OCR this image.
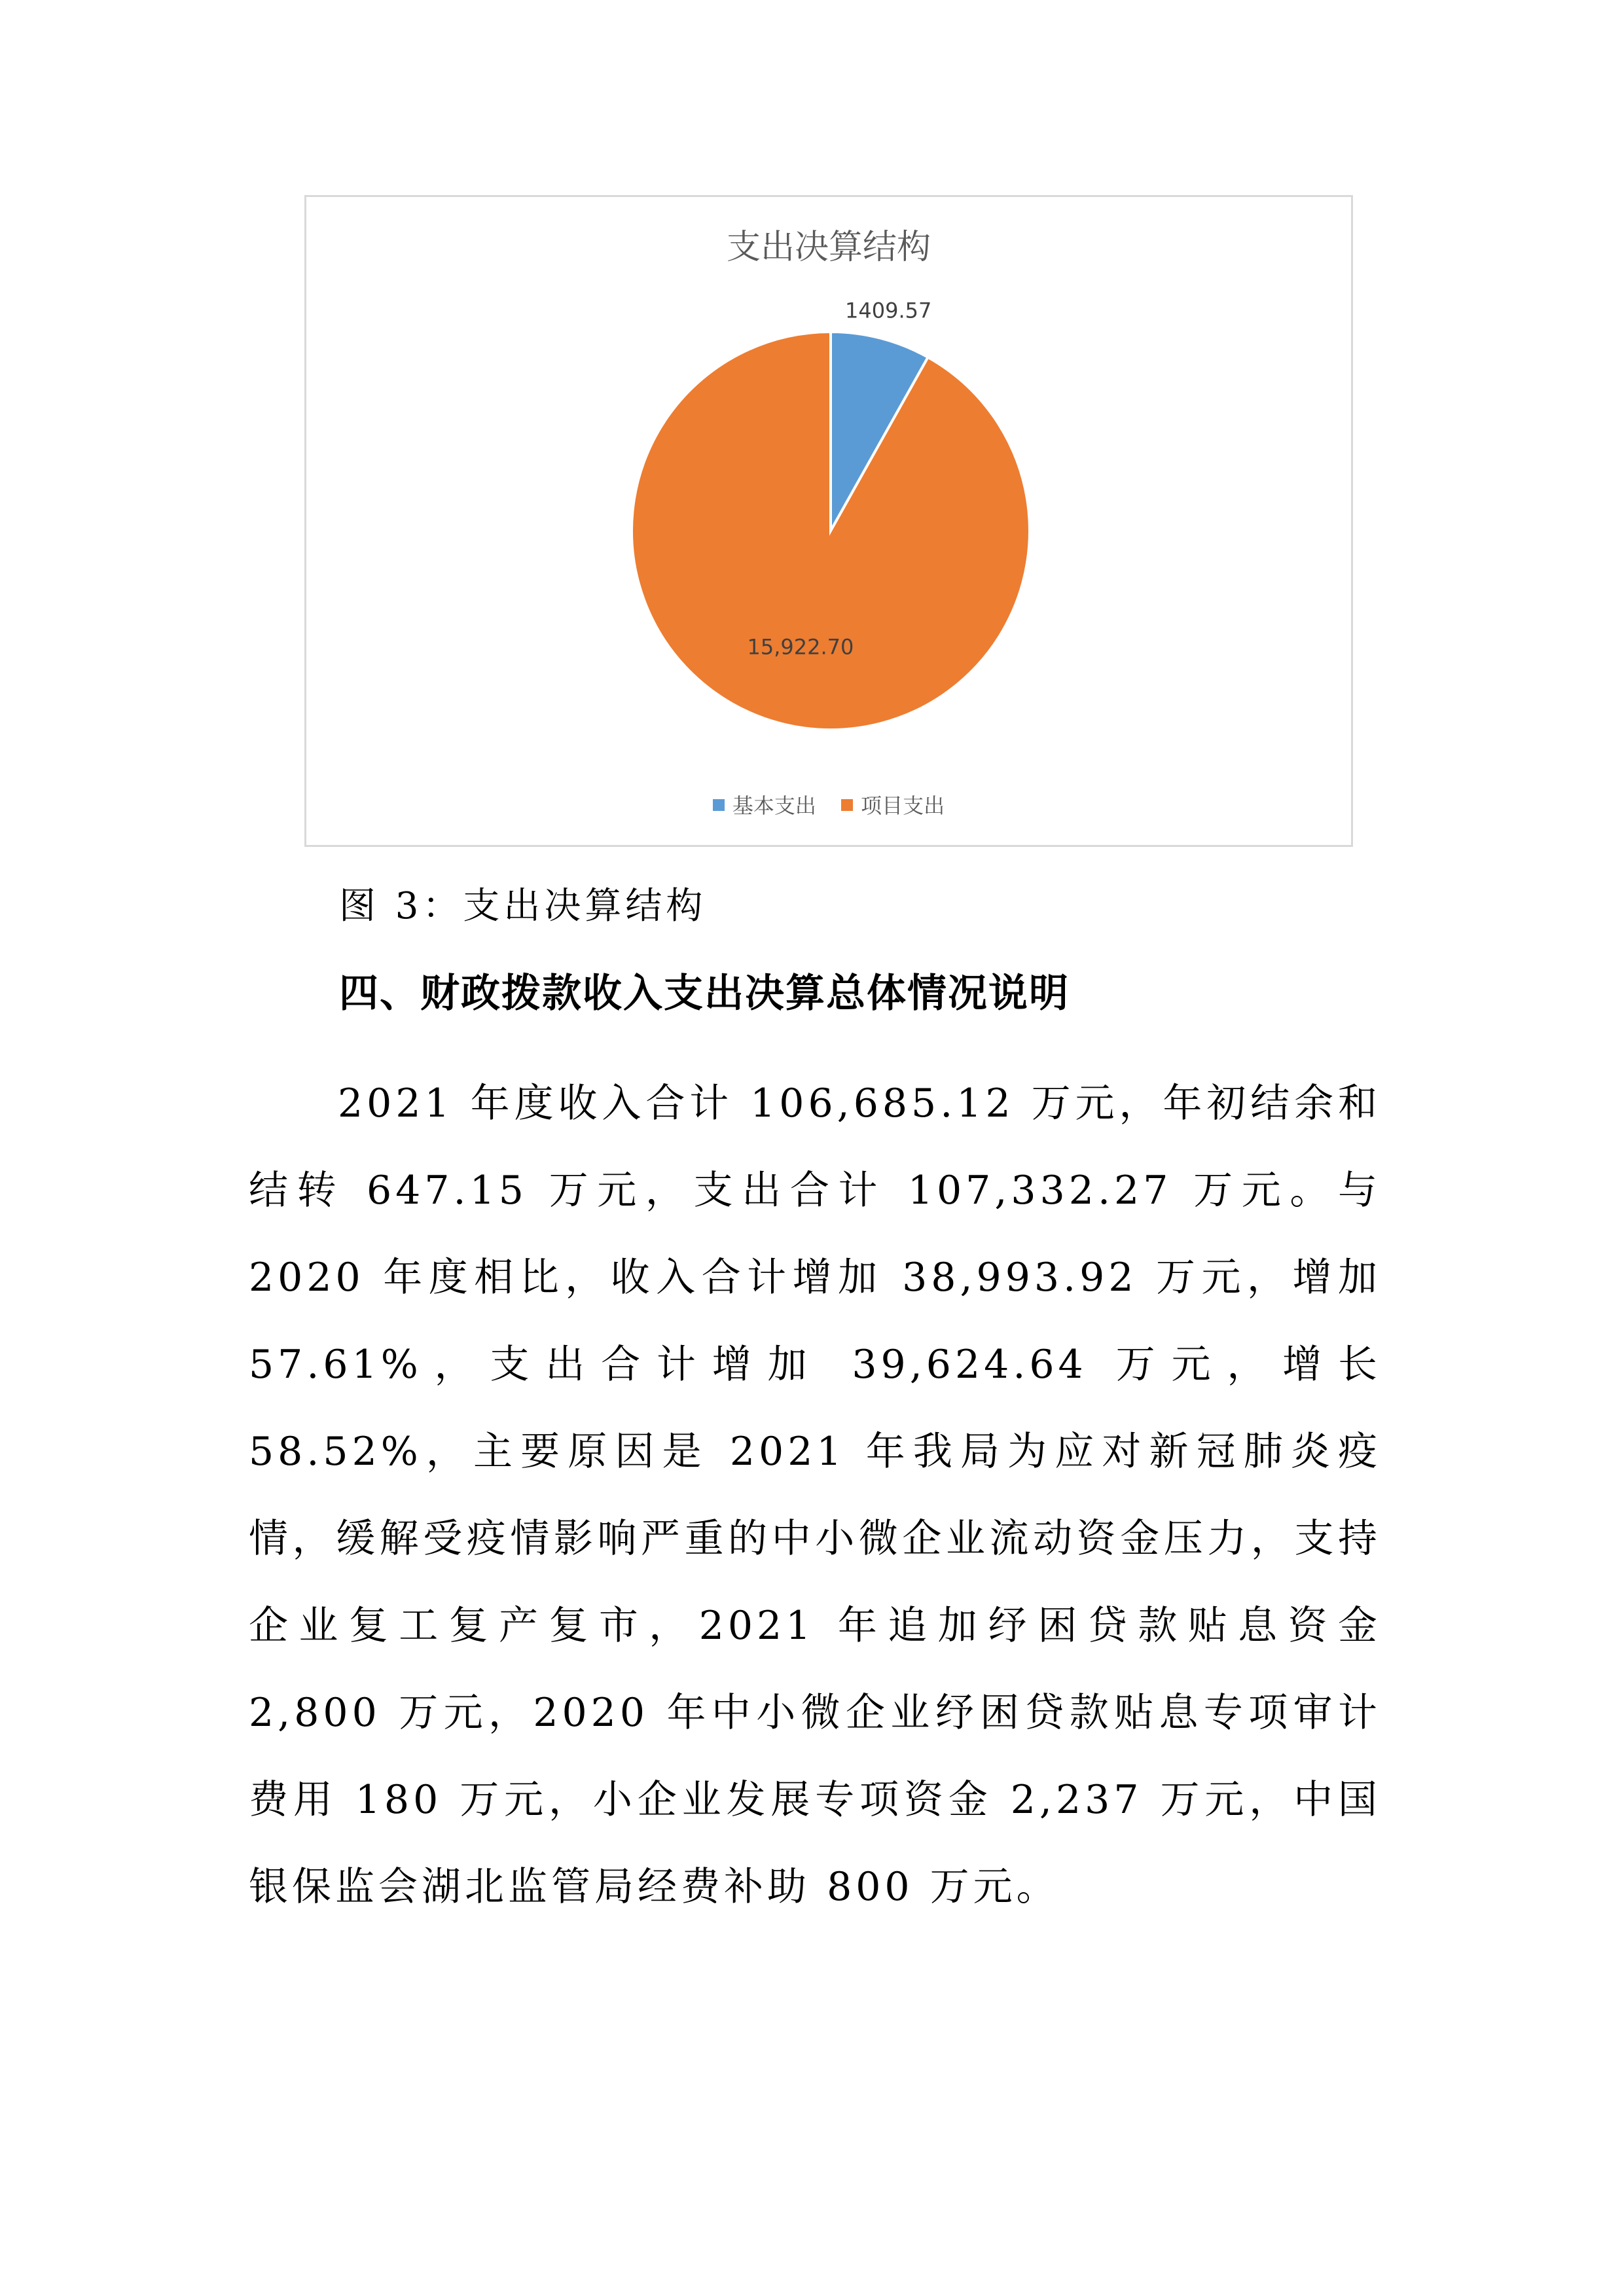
支出决算结构
1409.57
15,922.70
基本支出 项目支出
图 3：支出决算结构
四、财政拨款收入支出决算总体情况说明

2021 年度收入合计 106,685.12 万元，年初结余和结转 647.15 万元，支出合计 107,332.27 万元。与 2020 年度相比，收入合计增加 38,993.92 万元，增加 57.61%，支出合计增加 39,624.64 万元，增长 58.52%，主要原因是 2021 年我局为应对新冠肺炎疫情，缓解受疫情影响严重的中小微企业流动资金压力，支持企业复工复产复市，2021 年追加纾困贷款贴息资金 2,800 万元，2020 年中小微企业纾困贷款贴息专项审计费用 180 万元，小企业发展专项资金 2,237 万元，中国银保监会湖北监管局经费补助 800 万元。
